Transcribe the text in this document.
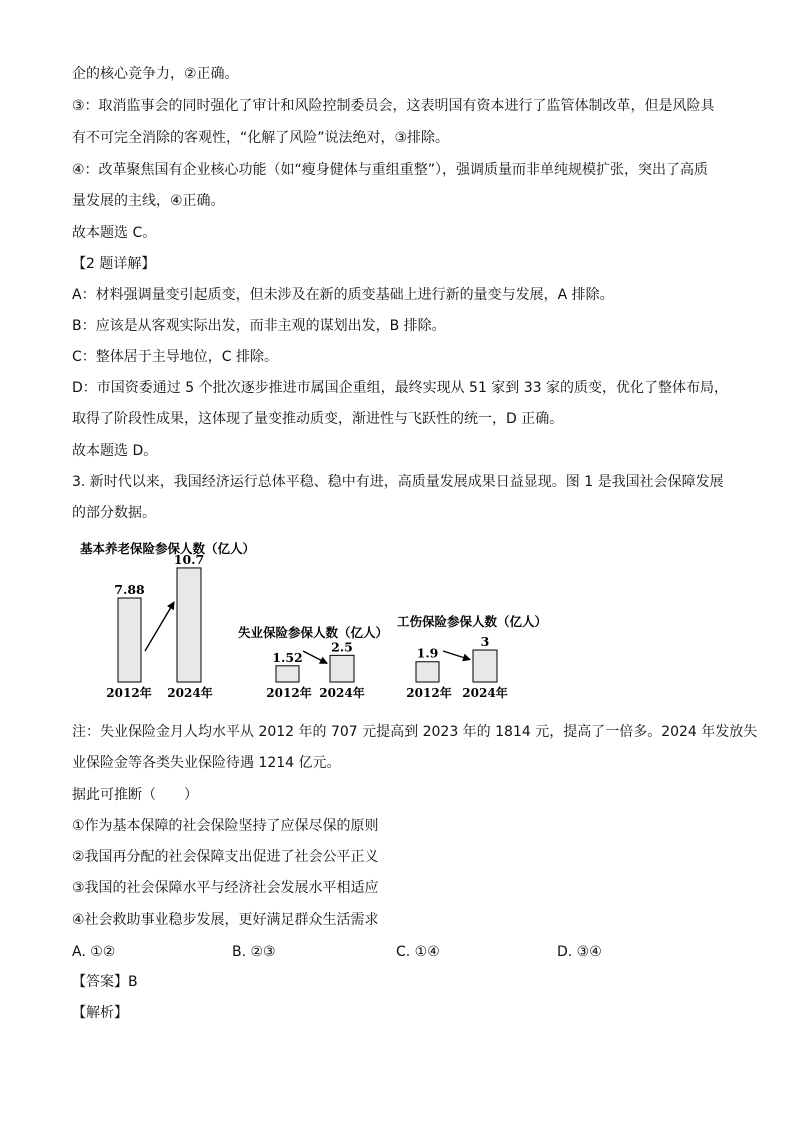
企的核心竞争力，②正确。
③：取消监事会的同时强化了审计和风险控制委员会，这表明国有资本进行了监管体制改革，但是风险具
有不可完全消除的客观性，“化解了风险”说法绝对，③排除。
④：改革聚焦国有企业核心功能（如“瘦身健体与重组重整”），强调质量而非单纯规模扩张，突出了高质
量发展的主线，④正确。
故本题选 C。
【2 题详解】
A：材料强调量变引起质变，但未涉及在新的质变基础上进行新的量变与发展，A 排除。
B：应该是从客观实际出发，而非主观的谋划出发，B 排除。
C：整体居于主导地位，C 排除。
D：市国资委通过 5 个批次逐步推进市属国企重组，最终实现从 51 家到 33 家的质变，优化了整体布局，
取得了阶段性成果，这体现了量变推动质变，渐进性与飞跃性的统一，D 正确。
故本题选 D。
3. 新时代以来，我国经济运行总体平稳、稳中有进，高质量发展成果日益显现。图 1 是我国社会保障发展
的部分数据。
基本养老保险参保人数（亿人）
7.88
2012年
10.7
2024年
失业保险参保人数（亿人）
1.52
2012年
2.5
2024年
工伤保险参保人数（亿人）
1.9
2012年
3
2024年
注：失业保险金月人均水平从 2012 年的 707 元提高到 2023 年的 1814 元，提高了一倍多。2024 年发放失
业保险金等各类失业保险待遇 1214 亿元。
据此可推断（　　）
①作为基本保障的社会保险坚持了应保尽保的原则
②我国再分配的社会保障支出促进了社会公平正义
③我国的社会保障水平与经济社会发展水平相适应
④社会救助事业稳步发展，更好满足群众生活需求
A. ①②	B. ②③	C. ①④	D. ③④
【答案】B
【解析】
